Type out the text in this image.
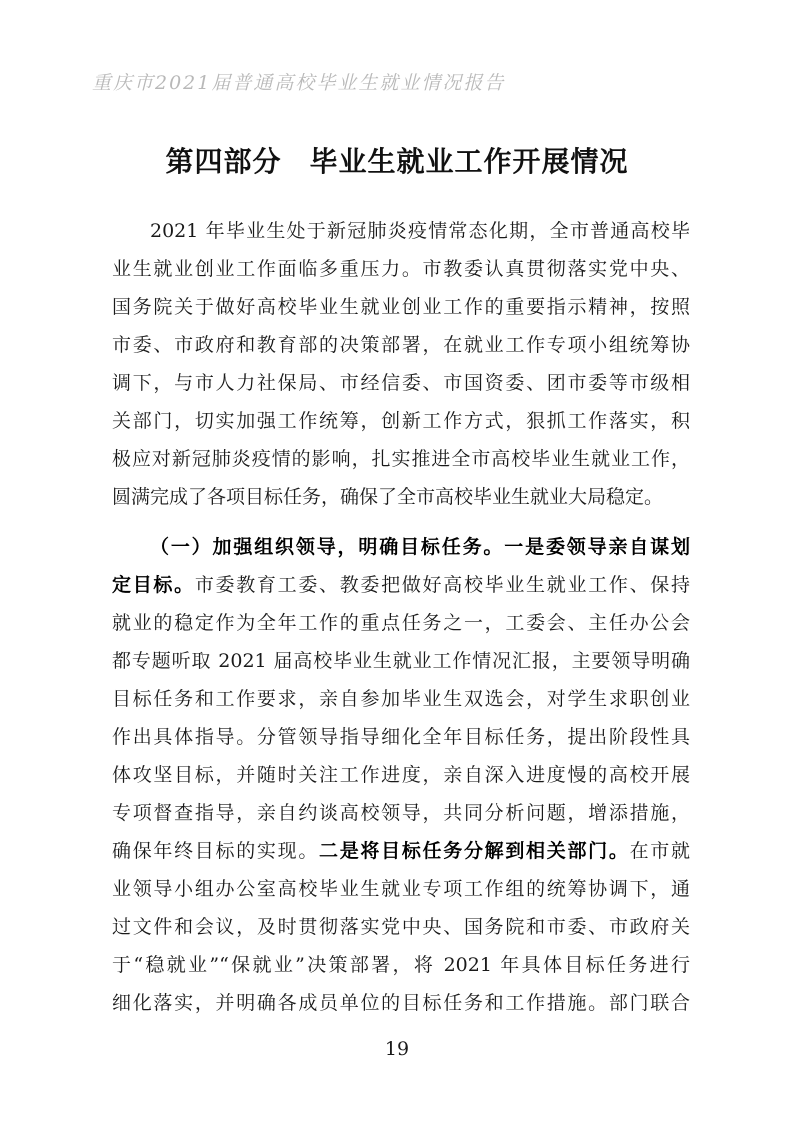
重庆市2021届普通高校毕业生就业情况报告
第四部分 毕业生就业工作开展情况
2021 年毕业生处于新冠肺炎疫情常态化期，全市普通高校毕
业生就业创业工作面临多重压力。市教委认真贯彻落实党中央、
国务院关于做好高校毕业生就业创业工作的重要指示精神，按照
市委、市政府和教育部的决策部署，在就业工作专项小组统筹协
调下，与市人力社保局、市经信委、市国资委、团市委等市级相
关部门，切实加强工作统筹，创新工作方式，狠抓工作落实，积
极应对新冠肺炎疫情的影响，扎实推进全市高校毕业生就业工作，
圆满完成了各项目标任务，确保了全市高校毕业生就业大局稳定。
（一）加强组织领导，明确目标任务。一是委领导亲自谋划
定目标。市委教育工委、教委把做好高校毕业生就业工作、保持
就业的稳定作为全年工作的重点任务之一，工委会、主任办公会
都专题听取 2021 届高校毕业生就业工作情况汇报，主要领导明确
目标任务和工作要求，亲自参加毕业生双选会，对学生求职创业
作出具体指导。分管领导指导细化全年目标任务，提出阶段性具
体攻坚目标，并随时关注工作进度，亲自深入进度慢的高校开展
专项督查指导，亲自约谈高校领导，共同分析问题，增添措施，
确保年终目标的实现。二是将目标任务分解到相关部门。在市就
业领导小组办公室高校毕业生就业专项工作组的统筹协调下，通
过文件和会议，及时贯彻落实党中央、国务院和市委、市政府关
于“稳就业”“保就业”决策部署，将 2021 年具体目标任务进行
细化落实，并明确各成员单位的目标任务和工作措施。部门联合
19
